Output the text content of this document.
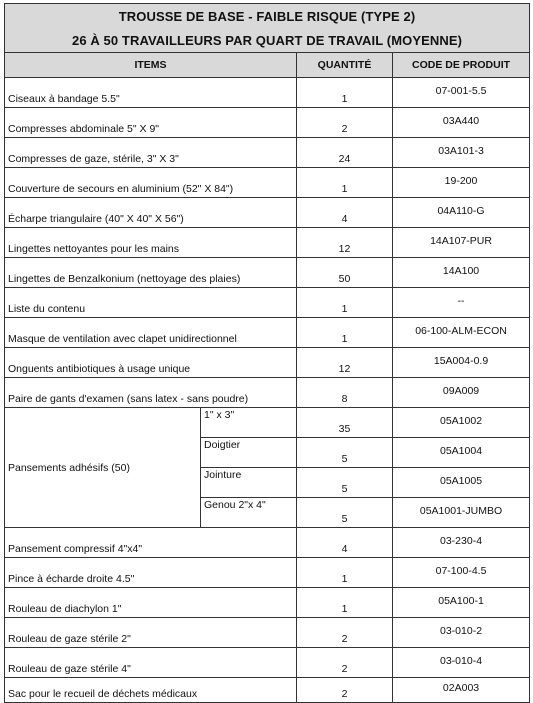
TROUSSE DE BASE - FAIBLE RISQUE (TYPE 2)			
26 À 50 TRAVAILLEURS PAR QUART DE TRAVAIL (MOYENNE)			
ITEMS		QUANTITÉ	CODE DE PRODUIT
Ciseaux à bandage 5.5"		1	07-001-5.5
Compresses abdominale 5" X 9"		2	03A440
Compresses de gaze, stérile, 3" X 3"		24	03A101-3
Couverture de secours en aluminium (52" X 84")		1	19-200
Écharpe triangulaire (40" X 40" X 56")		4	04A110-G
Lingettes nettoyantes pour les mains		12	14A107-PUR
Lingettes de Benzalkonium (nettoyage des plaies)		50	14A100
Liste du contenu		1	--
Masque de ventilation avec clapet unidirectionnel		1	06-100-ALM-ECON
Onguents antibiotiques à usage unique		12	15A004-0.9
Paire de gants d'examen (sans latex - sans poudre)		8	09A009
Pansements adhésifs (50)	1" x 3"	35	05A1002
	Doigtier	5	05A1004
	Jointure	5	05A1005
	Genou 2"x 4"	5	05A1001-JUMBO
Pansement compressif 4"x4"		4	03-230-4
Pince à écharde droite 4.5"		1	07-100-4.5
Rouleau de diachylon 1"		1	05A100-1
Rouleau de gaze stérile 2"		2	03-010-2
Rouleau de gaze stérile 4"		2	03-010-4
Sac pour le recueil de déchets médicaux		2	02A003
